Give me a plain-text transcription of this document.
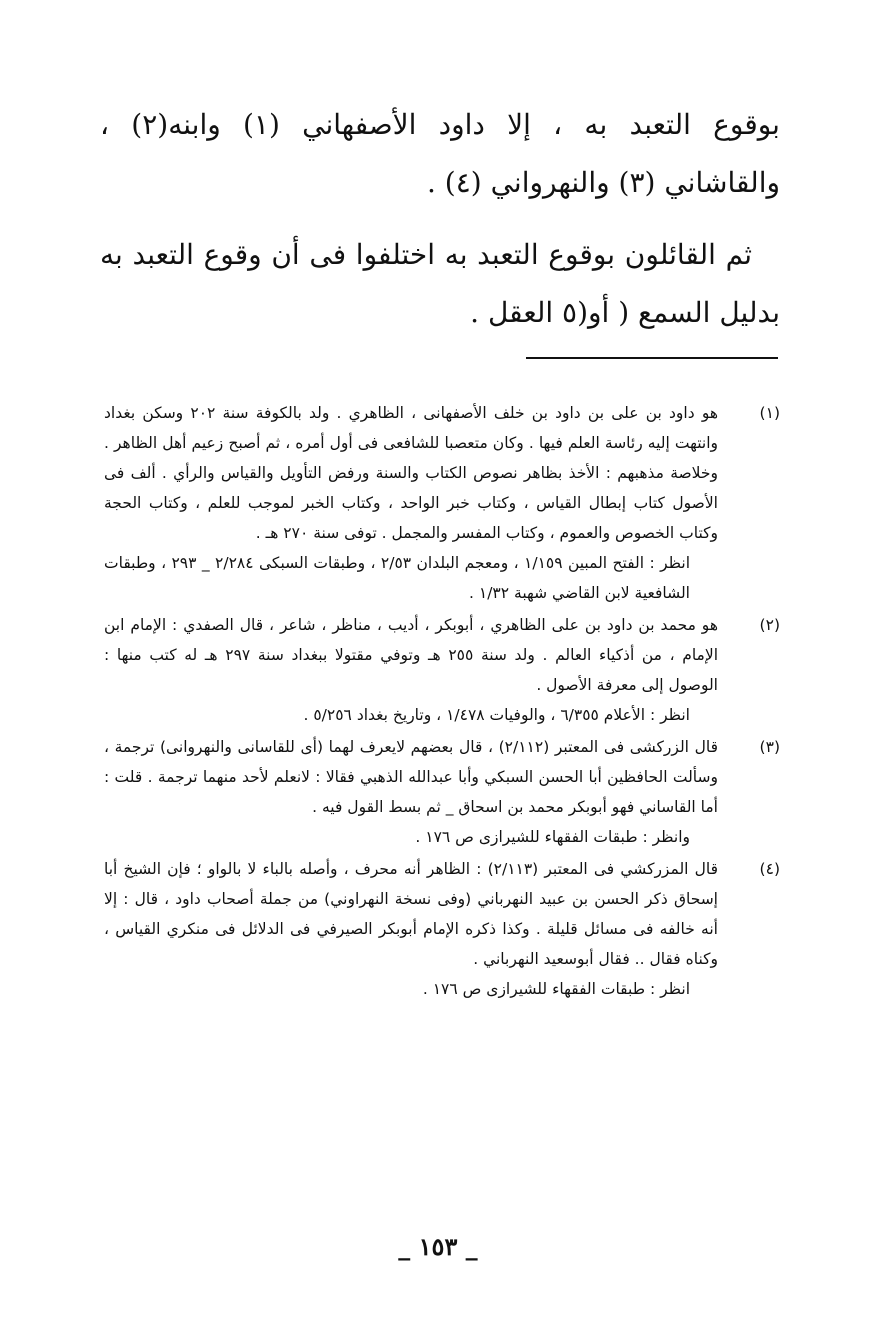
بوقوع التعبد به ، إلا داود الأصفهاني (١) وابنه(٢) ، والقاشاني (٣) والنهرواني (٤) .

ثم القائلون بوقوع التعبد به اختلفوا فى أن وقوع التعبد به بدليل السمع ( أو(٥ العقل .

(١)
هو داود بن على بن داود بن خلف الأصفهانى ، الظاهري . ولد بالكوفة سنة ٢٠٢ وسكن بغداد وانتهت إليه رئاسة العلم فيها . وكان متعصبا للشافعى فى أول أمره ، ثم أصبح زعيم أهل الظاهر . وخلاصة مذهبهم : الأخذ بظاهر نصوص الكتاب والسنة ورفض التأويل والقياس والرأي . ألف فى الأصول كتاب إبطال القياس ، وكتاب خبر الواحد ، وكتاب الخبر لموجب للعلم ، وكتاب الحجة وكتاب الخصوص والعموم ، وكتاب المفسر والمجمل . توفى سنة ٢٧٠ هـ .
انظر : الفتح المبين ١/١٥٩ ، ومعجم البلدان ٢/٥٣ ، وطبقات السبكى ٢/٢٨٤ _ ٢٩٣ ، وطبقات الشافعية لابن القاضي شهبة ١/٣٢ .
(٢)
هو محمد بن داود بن على الظاهري ، أبوبكر ، أديب ، مناظر ، شاعر ، قال الصفدي : الإمام ابن الإمام ، من أذكياء العالم . ولد سنة ٢٥٥ هـ وتوفي مقتولا ببغداد سنة ٢٩٧ هـ له كتب منها : الوصول إلى معرفة الأصول .
انظر : الأعلام ٦/٣٥٥ ، والوفيات ١/٤٧٨ ، وتاريخ بغداد ٥/٢٥٦ .
(٣)
قال الزركشى فى المعتبر (٢/١١٢) ، قال بعضهم لايعرف لهما (أى للقاسانى والنهروانى) ترجمة ، وسألت الحافظين أبا الحسن السبكي وأبا عبدالله الذهبي فقالا : لانعلم لأحد منهما ترجمة . قلت : أما القاساني فهو أبوبكر محمد بن اسحاق _ ثم بسط القول فيه .
وانظر : طبقات الفقهاء للشيرازى ص ١٧٦ .
(٤)
قال المزركشي فى المعتبر (٢/١١٣) : الظاهر أنه محرف ، وأصله بالباء لا بالواو ؛ فإن الشيخ أبا إسحاق ذكر الحسن بن عبيد النهرباني (وفى نسخة النهراوني) من جملة أصحاب داود ، قال : إلا أنه خالفه فى مسائل قليلة . وكذا ذكره الإمام أبوبكر الصيرفي فى الدلائل فى منكري القياس ، وكناه فقال .. فقال أبوسعيد النهرباني .
انظر : طبقات الفقهاء للشيرازى ص ١٧٦ .
_ ١٥٣ _
